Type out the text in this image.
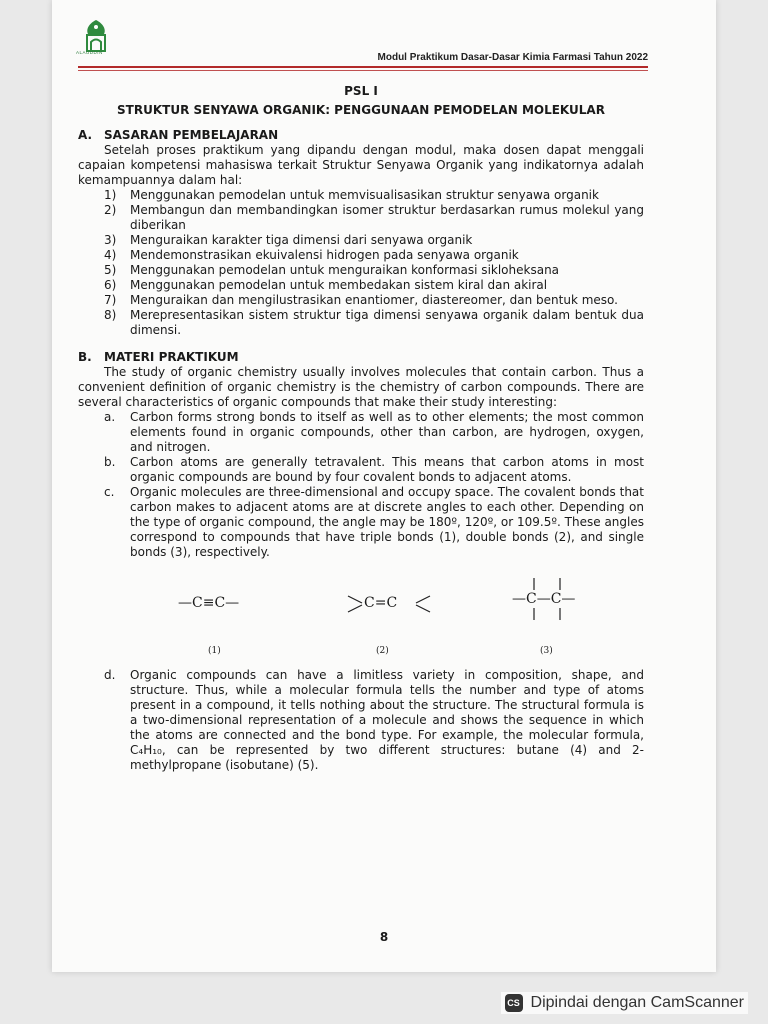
ALAUDDIN	Modul Praktikum Dasar-Dasar Kimia Farmasi Tahun 2022
PSL I
STRUKTUR SENYAWA ORGANIK: PENGGUNAAN PEMODELAN MOLEKULAR
A. SASARAN PEMBELAJARAN

Setelah proses praktikum yang dipandu dengan modul, maka dosen dapat menggali capaian kompetensi mahasiswa terkait Struktur Senyawa Organik yang indikatornya adalah kemampuannya dalam hal:

1) Menggunakan pemodelan untuk memvisualisasikan struktur senyawa organik
2) Membangun dan membandingkan isomer struktur berdasarkan rumus molekul yang diberikan
3) Menguraikan karakter tiga dimensi dari senyawa organik
4) Mendemonstrasikan ekuivalensi hidrogen pada senyawa organik
5) Menggunakan pemodelan untuk menguraikan konformasi sikloheksana
6) Menggunakan pemodelan untuk membedakan sistem kiral dan akiral
7) Menguraikan dan mengilustrasikan enantiomer, diastereomer, dan bentuk meso.
8) Merepresentasikan sistem struktur tiga dimensi senyawa organik dalam bentuk dua dimensi.
B. MATERI PRAKTIKUM

The study of organic chemistry usually involves molecules that contain carbon. Thus a convenient definition of organic chemistry is the chemistry of carbon compounds. There are several characteristics of organic compounds that make their study interesting:

a. Carbon forms strong bonds to itself as well as to other elements; the most common elements found in organic compounds, other than carbon, are hydrogen, oxygen, and nitrogen.
b. Carbon atoms are generally tetravalent. This means that carbon atoms in most organic compounds are bound by four covalent bonds to adjacent atoms.
c. Organic molecules are three-dimensional and occupy space. The covalent bonds that carbon makes to adjacent atoms are at discrete angles to each other. Depending on the type of organic compound, the angle may be 180º, 120º, or 109.5º. These angles correspond to compounds that have triple bonds (1), double bonds (2), and single bonds (3), respectively.
—C≡C—
(1)
C=C
(2)
—C—C—
(3)
d. Organic compounds can have a limitless variety in composition, shape, and structure. Thus, while a molecular formula tells the number and type of atoms present in a compound, it tells nothing about the structure. The structural formula is a two-dimensional representation of a molecule and shows the sequence in which the atoms are connected and the bond type. For example, the molecular formula, C₄H₁₀, can be represented by two different structures: butane (4) and 2-methylpropane (isobutane) (5).
8
CS Dipindai dengan CamScanner
